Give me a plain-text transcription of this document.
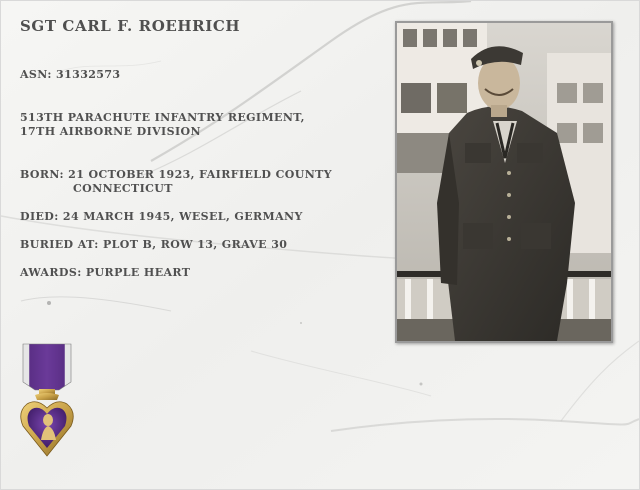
SGT CARL F. ROEHRICH
ASN: 31332573
513TH PARACHUTE INFANTRY REGIMENT,
17TH AIRBORNE DIVISION
BORN: 21 OCTOBER 1923, FAIRFIELD COUNTY
CONNECTICUT
DIED: 24 MARCH 1945, WESEL, GERMANY
BURIED AT: PLOT B, ROW 13, GRAVE 30
AWARDS: PURPLE HEART
